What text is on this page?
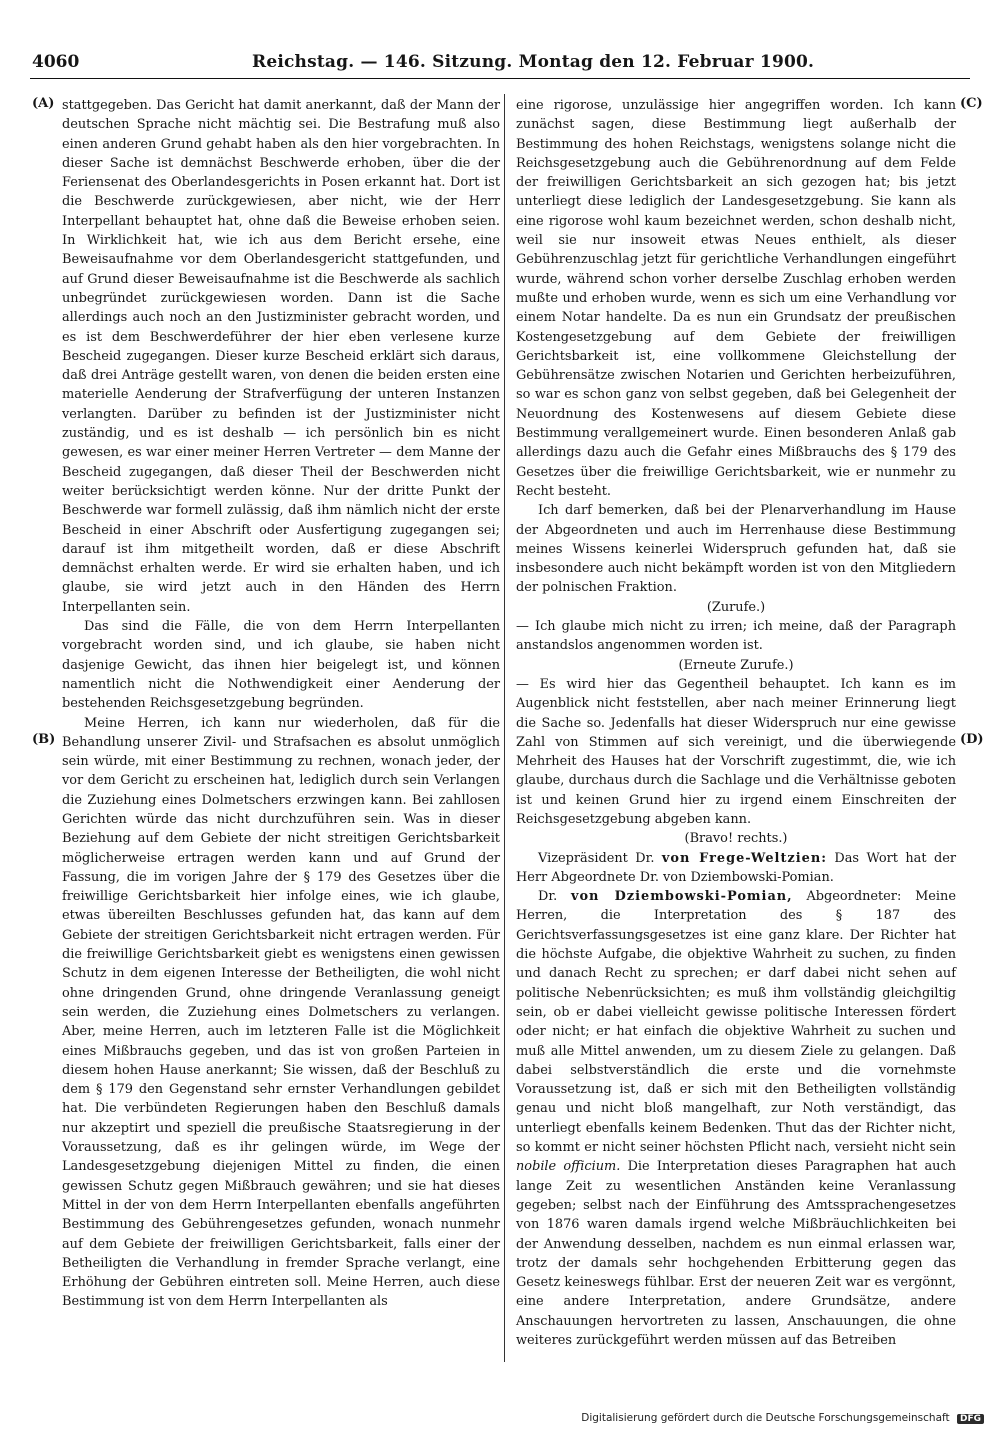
4060	Reichstag. — 146. Sitzung. Montag den 12. Februar 1900.
(A)
(B)
(C)
(D)

stattgegeben. Das Gericht hat damit anerkannt, daß der Mann der deutschen Sprache nicht mächtig sei. Die Bestrafung muß also einen anderen Grund gehabt haben als den hier vorgebrachten. In dieser Sache ist demnächst Beschwerde erhoben, über die der Feriensenat des Oberlandesgerichts in Posen erkannt hat. Dort ist die Beschwerde zurückgewiesen, aber nicht, wie der Herr Interpellant behauptet hat, ohne daß die Beweise erhoben seien. In Wirklichkeit hat, wie ich aus dem Bericht ersehe, eine Beweisaufnahme vor dem Oberlandesgericht stattgefunden, und auf Grund dieser Beweisaufnahme ist die Beschwerde als sachlich unbegründet zurückgewiesen worden. Dann ist die Sache allerdings auch noch an den Justizminister gebracht worden, und es ist dem Beschwerdeführer der hier eben verlesene kurze Bescheid zugegangen. Dieser kurze Bescheid erklärt sich daraus, daß drei Anträge gestellt waren, von denen die beiden ersten eine materielle Aenderung der Strafverfügung der unteren Instanzen verlangten. Darüber zu befinden ist der Justizminister nicht zuständig, und es ist deshalb — ich persönlich bin es nicht gewesen, es war einer meiner Herren Vertreter — dem Manne der Bescheid zugegangen, daß dieser Theil der Beschwerden nicht weiter berücksichtigt werden könne. Nur der dritte Punkt der Beschwerde war formell zulässig, daß ihm nämlich nicht der erste Bescheid in einer Abschrift oder Ausfertigung zugegangen sei; darauf ist ihm mitgetheilt worden, daß er diese Abschrift demnächst erhalten werde. Er wird sie erhalten haben, und ich glaube, sie wird jetzt auch in den Händen des Herrn Interpellanten sein.

Das sind die Fälle, die von dem Herrn Interpellanten vorgebracht worden sind, und ich glaube, sie haben nicht dasjenige Gewicht, das ihnen hier beigelegt ist, und können namentlich nicht die Nothwendigkeit einer Aenderung der bestehenden Reichsgesetzgebung begründen.

Meine Herren, ich kann nur wiederholen, daß für die Behandlung unserer Zivil- und Strafsachen es absolut unmöglich sein würde, mit einer Bestimmung zu rechnen, wonach jeder, der vor dem Gericht zu erscheinen hat, lediglich durch sein Verlangen die Zuziehung eines Dolmetschers erzwingen kann. Bei zahllosen Gerichten würde das nicht durchzuführen sein. Was in dieser Beziehung auf dem Gebiete der nicht streitigen Gerichtsbarkeit möglicherweise ertragen werden kann und auf Grund der Fassung, die im vorigen Jahre der § 179 des Gesetzes über die freiwillige Gerichtsbarkeit hier infolge eines, wie ich glaube, etwas übereilten Beschlusses gefunden hat, das kann auf dem Gebiete der streitigen Gerichtsbarkeit nicht ertragen werden. Für die freiwillige Gerichtsbarkeit giebt es wenigstens einen gewissen Schutz in dem eigenen Interesse der Betheiligten, die wohl nicht ohne dringenden Grund, ohne dringende Veranlassung geneigt sein werden, die Zuziehung eines Dolmetschers zu verlangen. Aber, meine Herren, auch im letzteren Falle ist die Möglichkeit eines Mißbrauchs gegeben, und das ist von großen Parteien in diesem hohen Hause anerkannt; Sie wissen, daß der Beschluß zu dem § 179 den Gegenstand sehr ernster Verhandlungen gebildet hat. Die verbündeten Regierungen haben den Beschluß damals nur akzeptirt und speziell die preußische Staatsregierung in der Voraussetzung, daß es ihr gelingen würde, im Wege der Landesgesetzgebung diejenigen Mittel zu finden, die einen gewissen Schutz gegen Mißbrauch gewähren; und sie hat dieses Mittel in der von dem Herrn Interpellanten ebenfalls angeführten Bestimmung des Gebührengesetzes gefunden, wonach nunmehr auf dem Gebiete der freiwilligen Gerichtsbarkeit, falls einer der Betheiligten die Verhandlung in fremder Sprache verlangt, eine Erhöhung der Gebühren eintreten soll. Meine Herren, auch diese Bestimmung ist von dem Herrn Interpellanten als

eine rigorose, unzulässige hier angegriffen worden. Ich kann zunächst sagen, diese Bestimmung liegt außerhalb der Bestimmung des hohen Reichstags, wenigstens solange nicht die Reichsgesetzgebung auch die Gebührenordnung auf dem Felde der freiwilligen Gerichtsbarkeit an sich gezogen hat; bis jetzt unterliegt diese lediglich der Landesgesetzgebung. Sie kann als eine rigorose wohl kaum bezeichnet werden, schon deshalb nicht, weil sie nur insoweit etwas Neues enthielt, als dieser Gebührenzuschlag jetzt für gerichtliche Verhandlungen eingeführt wurde, während schon vorher derselbe Zuschlag erhoben werden mußte und erhoben wurde, wenn es sich um eine Verhandlung vor einem Notar handelte. Da es nun ein Grundsatz der preußischen Kostengesetzgebung auf dem Gebiete der freiwilligen Gerichtsbarkeit ist, eine vollkommene Gleichstellung der Gebührensätze zwischen Notarien und Gerichten herbeizuführen, so war es schon ganz von selbst gegeben, daß bei Gelegenheit der Neuordnung des Kostenwesens auf diesem Gebiete diese Bestimmung verallgemeinert wurde. Einen besonderen Anlaß gab allerdings dazu auch die Gefahr eines Mißbrauchs des § 179 des Gesetzes über die freiwillige Gerichtsbarkeit, wie er nunmehr zu Recht besteht.

Ich darf bemerken, daß bei der Plenarverhandlung im Hause der Abgeordneten und auch im Herrenhause diese Bestimmung meines Wissens keinerlei Widerspruch gefunden hat, daß sie insbesondere auch nicht bekämpft worden ist von den Mitgliedern der polnischen Fraktion.

(Zurufe.)

— Ich glaube mich nicht zu irren; ich meine, daß der Paragraph anstandslos angenommen worden ist.

(Erneute Zurufe.)

— Es wird hier das Gegentheil behauptet. Ich kann es im Augenblick nicht feststellen, aber nach meiner Erinnerung liegt die Sache so. Jedenfalls hat dieser Widerspruch nur eine gewisse Zahl von Stimmen auf sich vereinigt, und die überwiegende Mehrheit des Hauses hat der Vorschrift zugestimmt, die, wie ich glaube, durchaus durch die Sachlage und die Verhältnisse geboten ist und keinen Grund hier zu irgend einem Einschreiten der Reichsgesetzgebung abgeben kann.

(Bravo! rechts.)

Vizepräsident Dr. von Frege-Weltzien: Das Wort hat der Herr Abgeordnete Dr. von Dziembowski-Pomian.

Dr. von Dziembowski-Pomian, Abgeordneter: Meine Herren, die Interpretation des § 187 des Gerichtsverfassungsgesetzes ist eine ganz klare. Der Richter hat die höchste Aufgabe, die objektive Wahrheit zu suchen, zu finden und danach Recht zu sprechen; er darf dabei nicht sehen auf politische Nebenrücksichten; es muß ihm vollständig gleichgiltig sein, ob er dabei vielleicht gewisse politische Interessen fördert oder nicht; er hat einfach die objektive Wahrheit zu suchen und muß alle Mittel anwenden, um zu diesem Ziele zu gelangen. Daß dabei selbstverständlich die erste und die vornehmste Voraussetzung ist, daß er sich mit den Betheiligten vollständig genau und nicht bloß mangelhaft, zur Noth verständigt, das unterliegt ebenfalls keinem Bedenken. Thut das der Richter nicht, so kommt er nicht seiner höchsten Pflicht nach, versieht nicht sein nobile officium. Die Interpretation dieses Paragraphen hat auch lange Zeit zu wesentlichen Anständen keine Veranlassung gegeben; selbst nach der Einführung des Amtssprachengesetzes von 1876 waren damals irgend welche Mißbräuchlichkeiten bei der Anwendung desselben, nachdem es nun einmal erlassen war, trotz der damals sehr hochgehenden Erbitterung gegen das Gesetz keineswegs fühlbar. Erst der neueren Zeit war es vergönnt, eine andere Interpretation, andere Grundsätze, andere Anschauungen hervortreten zu lassen, Anschauungen, die ohne weiteres zurückgeführt werden müssen auf das Betreiben

Digitalisierung gefördert durch die Deutsche Forschungsgemeinschaft DFG
